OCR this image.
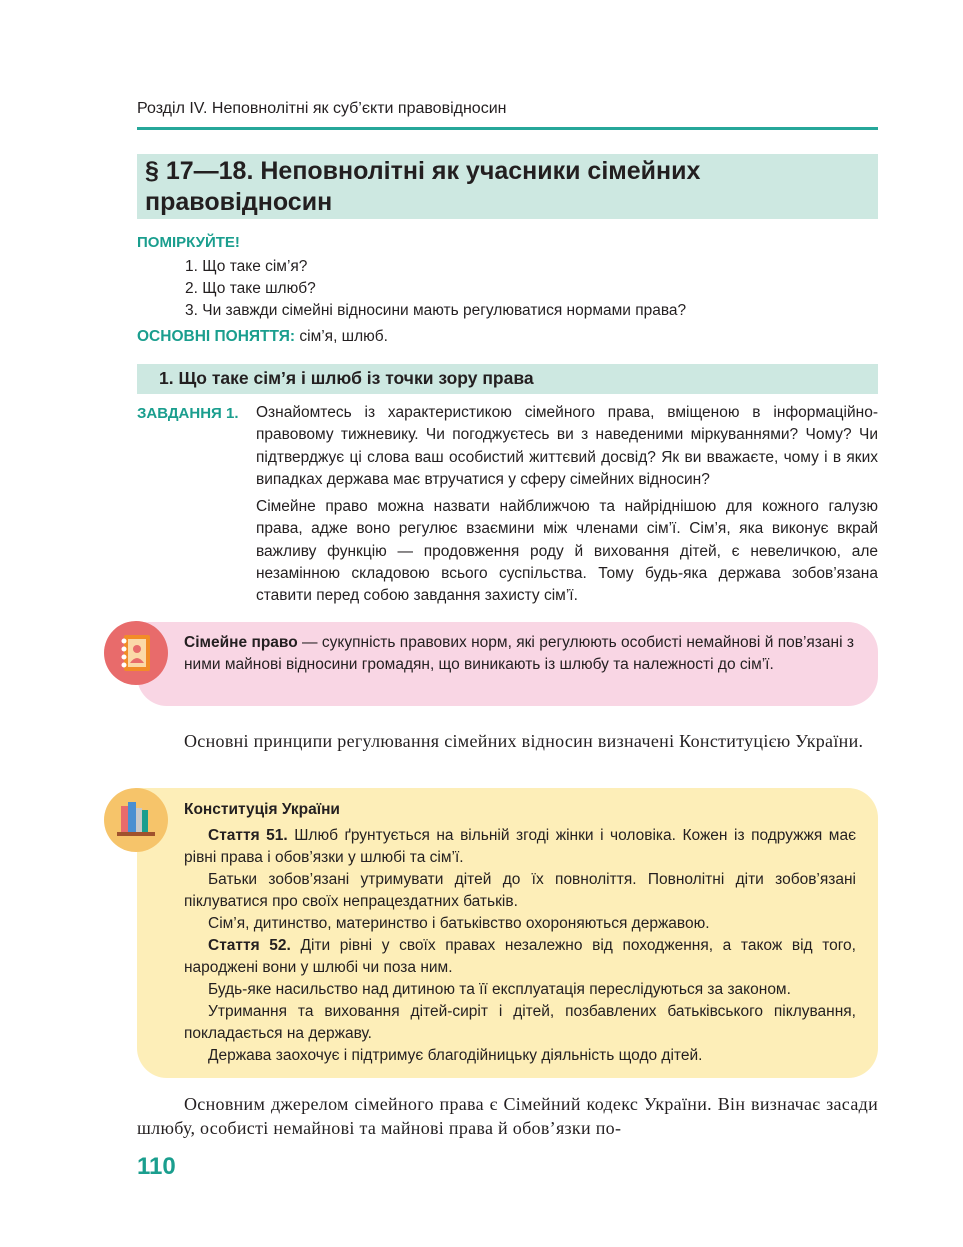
Розділ IV. Неповнолітні як суб’єкти правовідносин
§ 17—18. Неповнолітні як учасники сімейних
правовідносин
ПОМІРКУЙТЕ!
1. Що таке сім’я?
2. Що таке шлюб?
3. Чи завжди сімейні відносини мають регулюватися нормами права?
ОСНОВНІ ПОНЯТТЯ: сім’я, шлюб.
1. Що таке сім’я і шлюб із точки зору права
ЗАВДАННЯ 1. Ознайомтесь із характеристикою сімейного права, вміщеною в інформаційно-правовому тижневику. Чи погоджуєтесь ви з наведеними міркуваннями? Чому? Чи підтверджує ці слова ваш особистий життєвий досвід? Як ви вважаєте, чому і в яких випадках держава має втручатися у сферу сімейних відносин?
Сімейне право можна назвати найближчою та найріднішою для кожного галузю права, адже воно регулює взаємини між членами сім’ї. Сім’я, яка виконує вкрай важливу функцію — продовження роду й виховання дітей, є невеличкою, але незамінною складовою всього суспільства. Тому будь-яка держава зобов’язана ставити перед собою завдання захисту сім’ї.
Сімейне право — сукупність правових норм, які регулюють особисті немайнові й пов’язані з ними майнові відносини громадян, що виникають із шлюбу та належності до сім’ї.
Основні принципи регулювання сімейних відносин визначені Конституцією України.
Конституція України

Стаття 51. Шлюб ґрунтується на вільній згоді жінки і чоловіка. Кожен із подружжя має рівні права і обов’язки у шлюбі та сім’ї.

Батьки зобов’язані утримувати дітей до їх повноліття. Повнолітні діти зобов’язані піклуватися про своїх непрацездатних батьків.

Сім’я, дитинство, материнство і батьківство охороняються державою.

Стаття 52. Діти рівні у своїх правах незалежно від походження, а також від того, народжені вони у шлюбі чи поза ним.

Будь-яке насильство над дитиною та її експлуатація переслідуються за законом.

Утримання та виховання дітей-сиріт і дітей, позбавлених батьківського піклування, покладається на державу.

Держава заохочує і підтримує благодійницьку діяльність щодо дітей.

Основним джерелом сімейного права є Сімейний кодекс України. Він визначає засади шлюбу, особисті немайнові та майнові права й обов’язки по-
110
